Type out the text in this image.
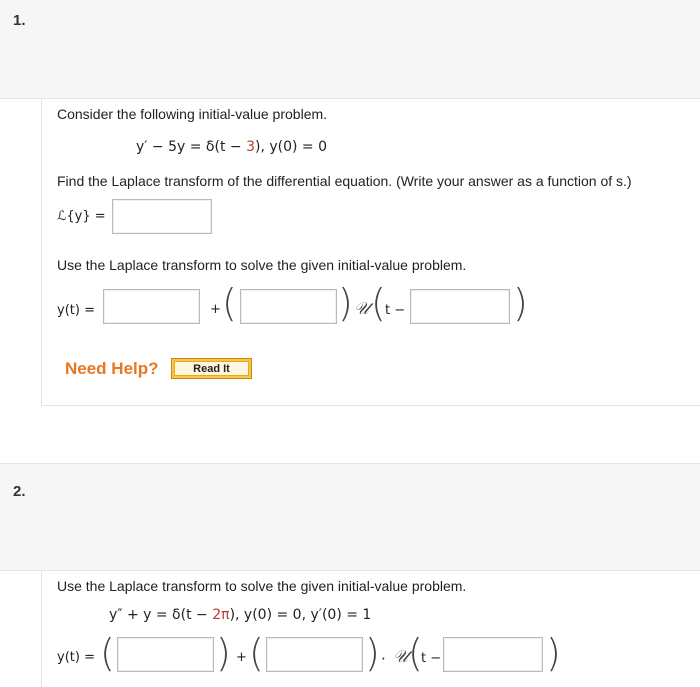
1.
Consider the following initial-value problem.
y′ − 5y = δ(t − 3), y(0) = 0
Find the Laplace transform of the differential equation. (Write your answer as a function of s.)
ℒ{y} =
Use the Laplace transform to solve the given initial-value problem.
y(t) =	+ (	) 𝒰 ( t −	)
Need Help?	Read It
2.
Use the Laplace transform to solve the given initial-value problem.
y″ + y = δ(t − 2π), y(0) = 0, y′(0) = 1
y(t) = (	) + (	) · 𝒰 (
t −	)
